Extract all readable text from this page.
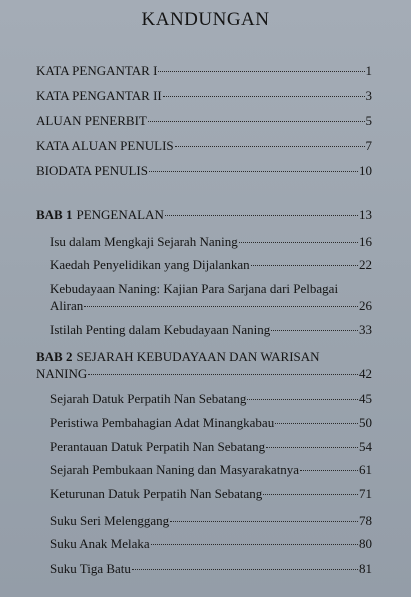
KANDUNGAN
KATA PENGANTAR I	1
KATA PENGANTAR II	3
ALUAN PENERBIT	5
KATA ALUAN PENULIS	7
BIODATA PENULIS	10
BAB 1 PENGENALAN	13
Isu dalam Mengkaji Sejarah Naning	16
Kaedah Penyelidikan yang Dijalankan	22
Kebudayaan Naning: Kajian Para Sarjana dari Pelbagai
Aliran	26
Istilah Penting dalam Kebudayaan Naning	33
BAB 2 SEJARAH KEBUDAYAAN DAN WARISAN
NANING	42
Sejarah Datuk Perpatih Nan Sebatang	45
Peristiwa Pembahagian Adat Minangkabau	50
Perantauan Datuk Perpatih Nan Sebatang	54
Sejarah Pembukaan Naning dan Masyarakatnya	61
Keturunan Datuk Perpatih Nan Sebatang	71
Suku Seri Melenggang	78
Suku Anak Melaka	80
Suku Tiga Batu	81
